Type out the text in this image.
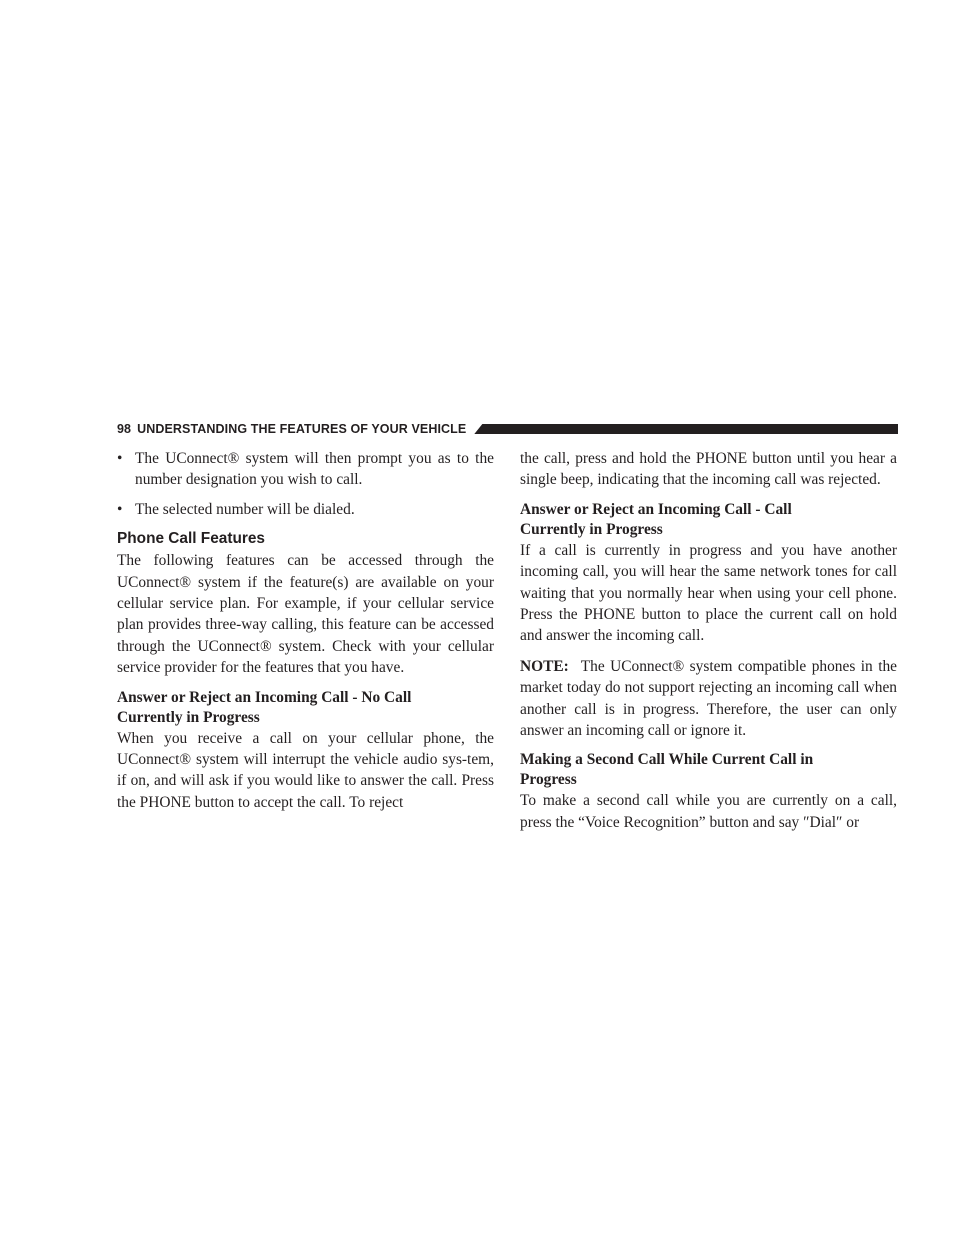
98 UNDERSTANDING THE FEATURES OF YOUR VEHICLE
• The UConnect® system will then prompt you as to the number designation you wish to call.
• The selected number will be dialed.
Phone Call Features

The following features can be accessed through the UConnect® system if the feature(s) are available on your cellular service plan. For example, if your cellular service plan provides three-way calling, this feature can be accessed through the UConnect® system. Check with your cellular service provider for the features that you have.

Answer or Reject an Incoming Call - No Call
Currently in Progress

When you receive a call on your cellular phone, the UConnect® system will interrupt the vehicle audio sys-tem, if on, and will ask if you would like to answer the call. Press the PHONE button to accept the call. To reject

the call, press and hold the PHONE button until you hear a single beep, indicating that the incoming call was rejected.

Answer or Reject an Incoming Call - Call
Currently in Progress

If a call is currently in progress and you have another incoming call, you will hear the same network tones for call waiting that you normally hear when using your cell phone. Press the PHONE button to place the current call on hold and answer the incoming call.

NOTE: The UConnect® system compatible phones in the market today do not support rejecting an incoming call when another call is in progress. Therefore, the user can only answer an incoming call or ignore it.

Making a Second Call While Current Call in
Progress

To make a second call while you are currently on a call, press the “Voice Recognition” button and say ″Dial″ or
